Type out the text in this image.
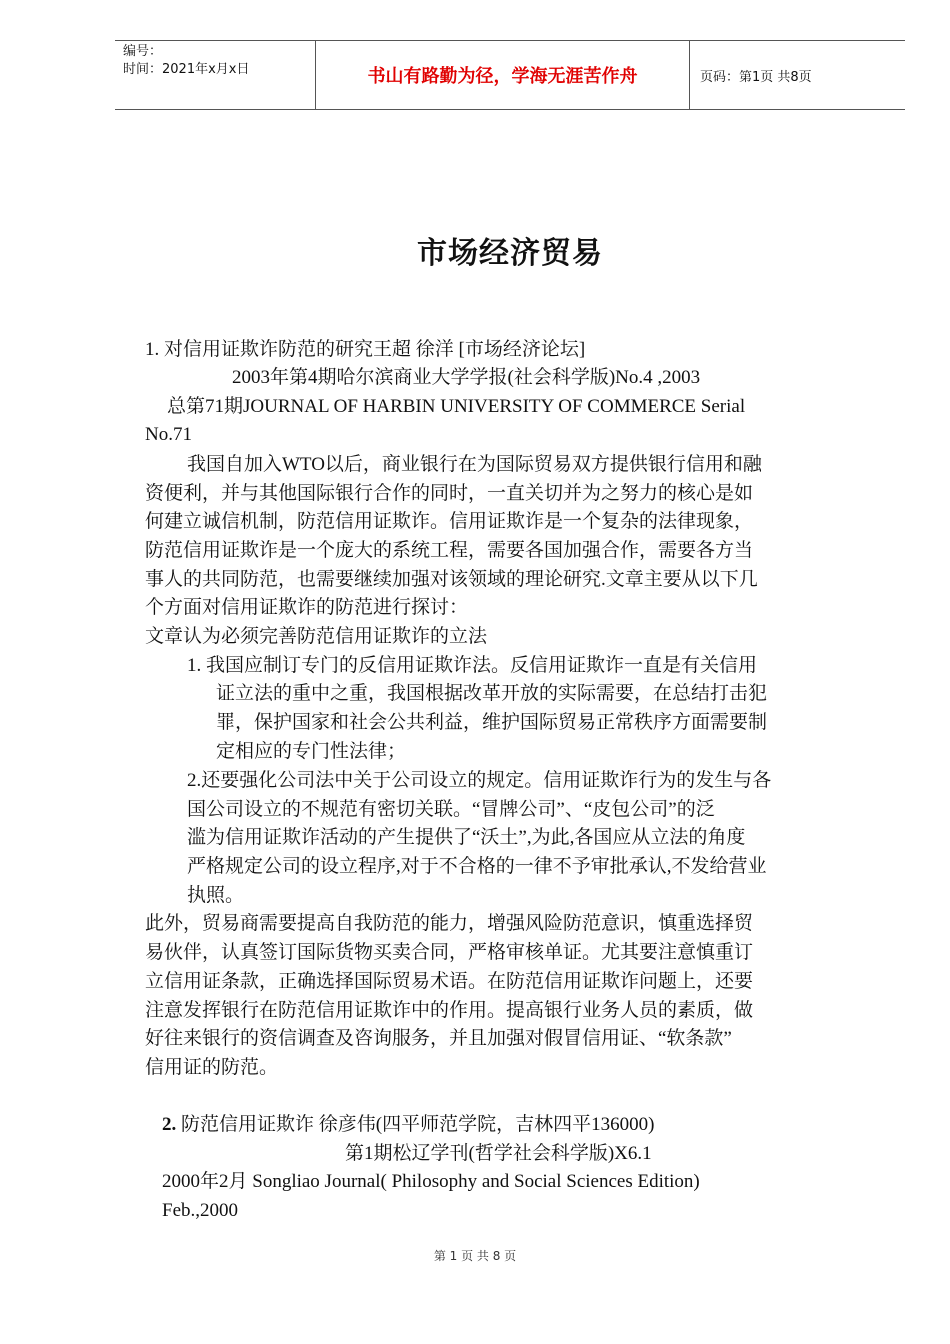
编号：
时间：2021年x月x日	书山有路勤为径，学海无涯苦作舟	页码：第1页 共8页
市场经济贸易
1. 对信用证欺诈防范的研究王超 徐洋 [市场经济论坛]
2003年第4期哈尔滨商业大学学报(社会科学版)No.4 ,2003
总第71期JOURNAL OF HARBIN UNIVERSITY OF COMMERCE Serial
No.71
我国自加入WTO以后，商业银行在为国际贸易双方提供银行信用和融
资便利，并与其他国际银行合作的同时，一直关切并为之努力的核心是如
何建立诚信机制，防范信用证欺诈。信用证欺诈是一个复杂的法律现象，
防范信用证欺诈是一个庞大的系统工程，需要各国加强合作，需要各方当
事人的共同防范，也需要继续加强对该领域的理论研究.文章主要从以下几
个方面对信用证欺诈的防范进行探讨：
文章认为必须完善防范信用证欺诈的立法
1. 我国应制订专门的反信用证欺诈法。反信用证欺诈一直是有关信用
证立法的重中之重，我国根据改革开放的实际需要，在总结打击犯
罪，保护国家和社会公共利益，维护国际贸易正常秩序方面需要制
定相应的专门性法律；
2.还要强化公司法中关于公司设立的规定。信用证欺诈行为的发生与各
国公司设立的不规范有密切关联。“冒牌公司”、“皮包公司”的泛
滥为信用证欺诈活动的产生提供了“沃土”,为此,各国应从立法的角度
严格规定公司的设立程序,对于不合格的一律不予审批承认,不发给营业
执照。
此外，贸易商需要提高自我防范的能力，增强风险防范意识，慎重选择贸
易伙伴，认真签订国际货物买卖合同，严格审核单证。尤其要注意慎重订
立信用证条款，正确选择国际贸易术语。在防范信用证欺诈问题上，还要
注意发挥银行在防范信用证欺诈中的作用。提高银行业务人员的素质，做
好往来银行的资信调查及咨询服务，并且加强对假冒信用证、“软条款”
信用证的防范。
2. 防范信用证欺诈 徐彦伟(四平师范学院，吉林四平136000)
第1期松辽学刊(哲学社会科学版)X6.1
2000年2月 Songliao Journal( Philosophy and Social Sciences Edition)
Feb.,2000
第 1 页 共 8 页
